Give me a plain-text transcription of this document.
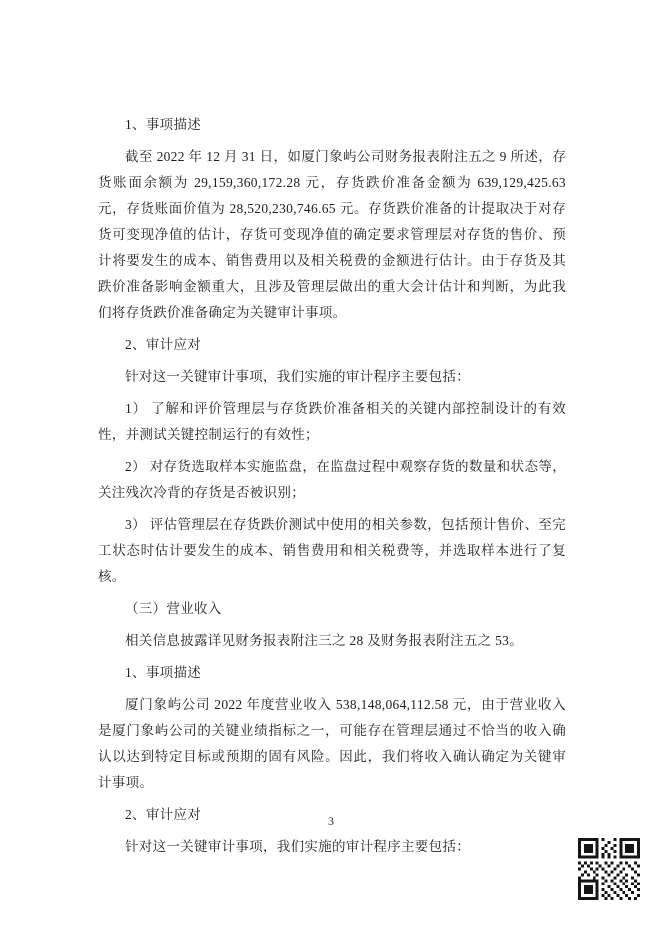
1、事项描述

截至 2022 年 12 月 31 日，如厦门象屿公司财务报表附注五之 9 所述，存货账面余额为 29,159,360,172.28 元，存货跌价准备金额为 639,129,425.63 元，存货账面价值为 28,520,230,746.65 元。存货跌价准备的计提取决于对存货可变现净值的估计，存货可变现净值的确定要求管理层对存货的售价、预计将要发生的成本、销售费用以及相关税费的金额进行估计。由于存货及其跌价准备影响金额重大，且涉及管理层做出的重大会计估计和判断，为此我们将存货跌价准备确定为关键审计事项。

2、审计应对

针对这一关键审计事项，我们实施的审计程序主要包括：

1） 了解和评价管理层与存货跌价准备相关的关键内部控制设计的有效性，并测试关键控制运行的有效性；

2） 对存货选取样本实施监盘，在监盘过程中观察存货的数量和状态等，关注残次冷背的存货是否被识别；

3） 评估管理层在存货跌价测试中使用的相关参数，包括预计售价、至完工状态时估计要发生的成本、销售费用和相关税费等，并选取样本进行了复核。

（三）营业收入

相关信息披露详见财务报表附注三之 28 及财务报表附注五之 53。

1、事项描述

厦门象屿公司 2022 年度营业收入 538,148,064,112.58 元，由于营业收入是厦门象屿公司的关键业绩指标之一，可能存在管理层通过不恰当的收入确认以达到特定目标或预期的固有风险。因此，我们将收入确认确定为关键审计事项。

2、审计应对

针对这一关键审计事项，我们实施的审计程序主要包括：

3
